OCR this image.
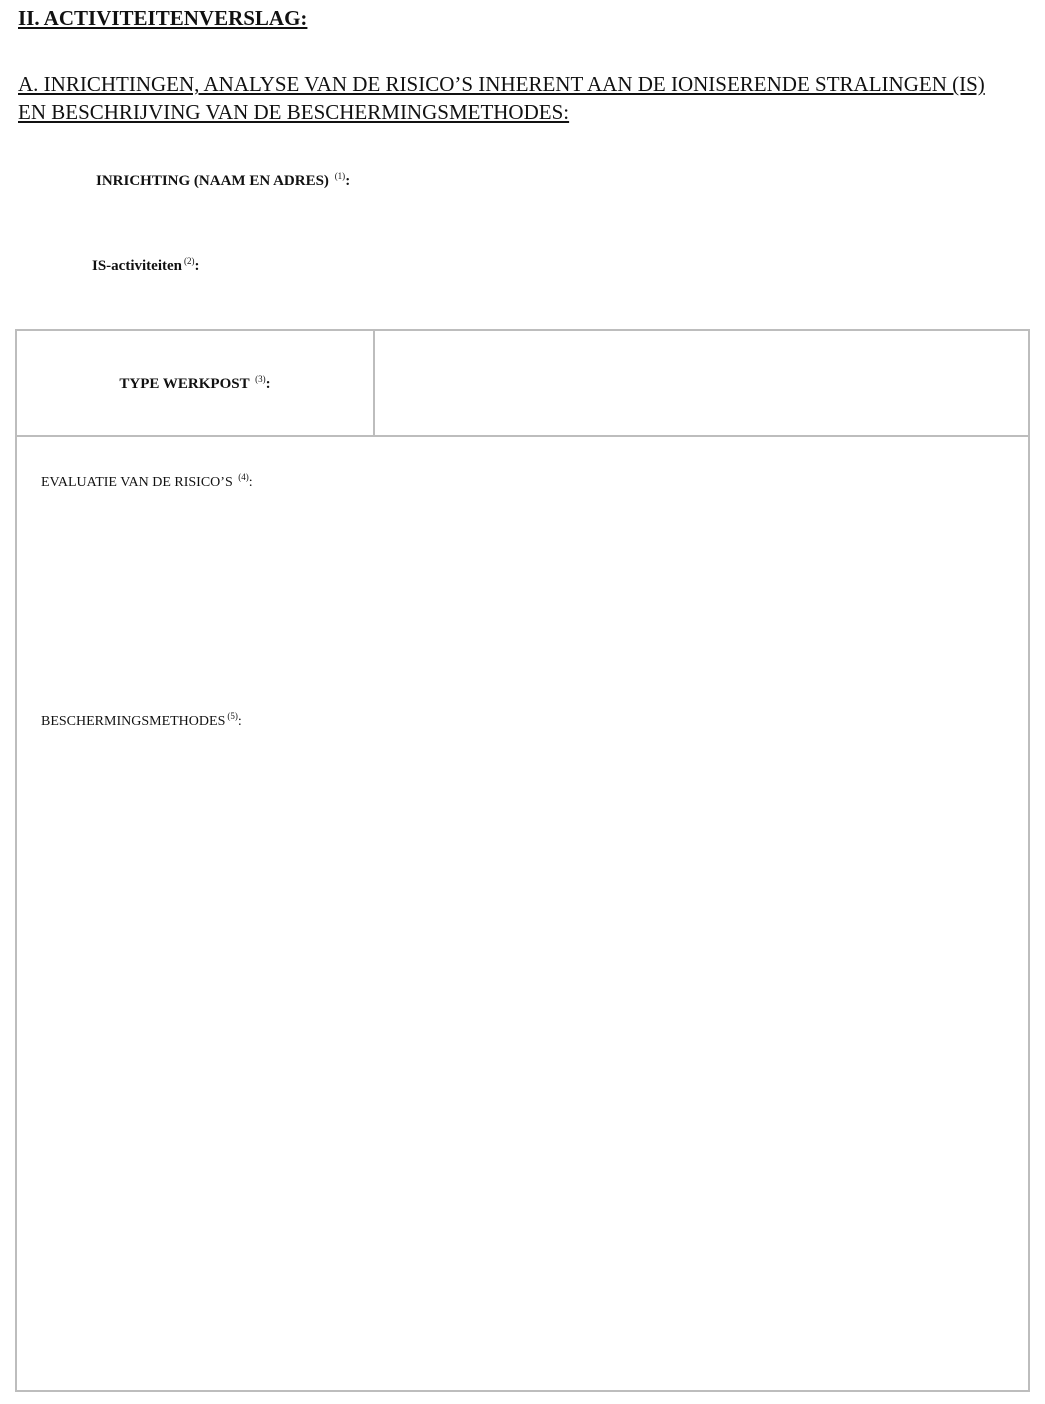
II. ACTIVITEITENVERSLAG:
A. INRICHTINGEN, ANALYSE VAN DE RISICO’S INHERENT AAN DE IONISERENDE STRALINGEN (IS) EN BESCHRIJVING VAN DE BESCHERMINGSMETHODES:
INRICHTING (NAAM EN ADRES) $^{(1)}$:
IS-activiteiten $^{(2)}$:
TYPE WERKPOST $^{(3)}$:
EVALUATIE VAN DE RISICO’S $^{(4)}$:
BESCHERMINGSMETHODES $^{(5)}$:
